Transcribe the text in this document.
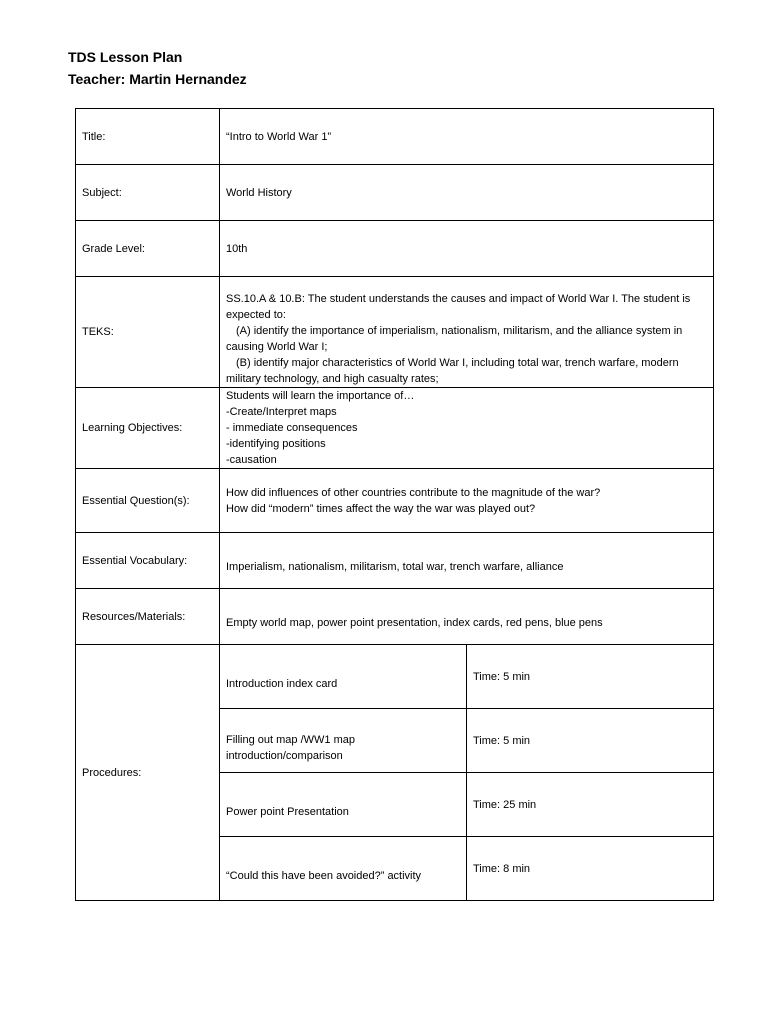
TDS Lesson Plan
Teacher: Martin Hernandez
Title:	“Intro to World War 1”	
Subject:	World History	
Grade Level:	10th	
TEKS:	SS.10.A & 10.B: The student understands the causes and impact of World War I. The student is expected to:
(A) identify the importance of imperialism, nationalism, militarism, and the alliance system in causing World War I;
(B) identify major characteristics of World War I, including total war, trench warfare, modern military technology, and high casualty rates;	

Learning Objectives:	Students will learn the importance of…
-Create/Interpret maps
- immediate consequences
-identifying positions
-causation	

Essential Question(s):	How did influences of other countries contribute to the magnitude of the war?
How did “modern” times affect the way the war was played out?	

Essential Vocabulary:	Imperialism, nationalism, militarism, total war, trench warfare, alliance	
Resources/Materials:	Empty world map, power point presentation, index cards, red pens, blue pens	
Procedures:	Introduction index card	Time: 5 min
	Filling out map /WW1 map introduction/comparison	Time: 5 min
	Power point Presentation	Time: 25 min
	“Could this have been avoided?” activity	Time: 8 min
